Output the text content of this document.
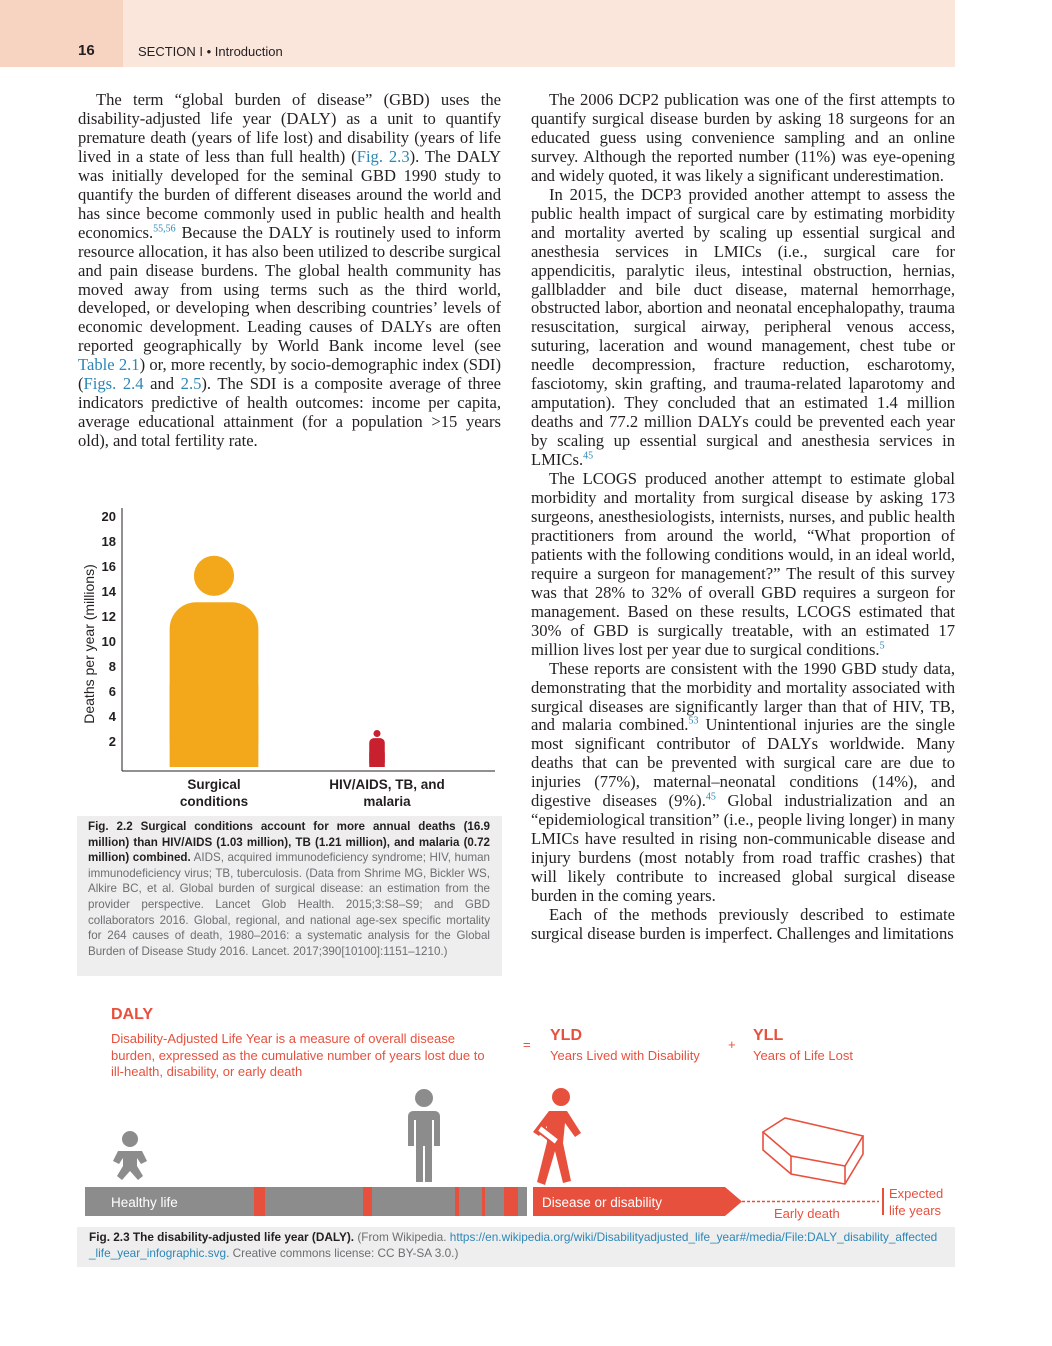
16	SECTION I • Introduction

The term “global burden of disease” (GBD) uses the disability-adjusted life year (DALY) as a unit to quantify premature death (years of life lost) and disability (years of life lived in a state of less than full health) (Fig. 2.3). The DALY was initially developed for the seminal GBD 1990 study to quantify the burden of different diseases around the world and has since become commonly used in public health and health economics.$^{55,56}$ Because the DALY is routinely used to inform resource allocation, it has also been utilized to describe surgical and pain disease burdens. The global health community has moved away from using terms such as the third world, developed, or developing when describing countries’ levels of economic development. Leading causes of DALYs are often reported geographically by World Bank income level (see Table 2.1) or, more recently, by socio-demographic index (SDI) (Figs. 2.4 and 2.5). The SDI is a composite average of three indicators predictive of health outcomes: income per capita, average educational attainment (for a population >15 years old), and total fertility rate.

The 2006 DCP2 publication was one of the first attempts to quantify surgical disease burden by asking 18 surgeons for an educated guess using convenience sampling and an online survey. Although the reported number (11%) was eye-opening and widely quoted, it was likely a significant underestimation.

In 2015, the DCP3 provided another attempt to assess the public health impact of surgical care by estimating morbidity and mortality averted by scaling up essential surgical and anesthesia services in LMICs (i.e., surgical care for appendicitis, paralytic ileus, intestinal obstruction, hernias, gallbladder and bile duct disease, maternal hemorrhage, obstructed labor, abortion and neonatal encephalopathy, trauma resuscitation, surgical airway, peripheral venous access, suturing, laceration and wound management, chest tube or needle decompression, fracture reduction, escharotomy, fasciotomy, skin grafting, and trauma-related laparotomy and amputation). They concluded that an estimated 1.4 million deaths and 77.2 million DALYs could be prevented each year by scaling up essential surgical and anesthesia services in LMICs.$^{45}$

The LCOGS produced another attempt to estimate global morbidity and mortality from surgical disease by asking 173 surgeons, anesthesiologists, internists, nurses, and public health practitioners from around the world, “What proportion of patients with the following conditions would, in an ideal world, require a surgeon for management?” The result of this survey was that 28% to 32% of overall GBD requires a surgeon for management. Based on these results, LCOGS estimated that 30% of GBD is surgically treatable, with an estimated 17 million lives lost per year due to surgical conditions.$^5$

These reports are consistent with the 1990 GBD study data, demonstrating that the morbidity and mortality associated with surgical diseases are significantly larger than that of HIV, TB, and malaria combined.$^{53}$ Unintentional injuries are the single most significant contributor of DALYs worldwide. Many deaths that can be prevented with surgical care are due to injuries (77%), maternal–neonatal conditions (14%), and digestive diseases (9%).$^{45}$ Global industrialization and an “epidemiological transition” (i.e., people living longer) in many LMICs have resulted in rising non-communicable disease and injury burdens (most notably from road traffic crashes) that will likely contribute to increased global surgical disease burden in the coming years.

Each of the methods previously described to estimate surgical disease burden is imperfect. Challenges and limitations

Deaths per year (millions)
2
4
6
8
10
12
14
16
18
20
Surgical
conditions
HIV/AIDS, TB, and
malaria
Fig. 2.2 Surgical conditions account for more annual deaths (16.9 million) than HIV/AIDS (1.03 million), TB (1.21 million), and malaria (0.72 million) combined. AIDS, acquired immunodeficiency syndrome; HIV, human immunodeficiency virus; TB, tuberculosis. (Data from Shrime MG, Bickler WS, Alkire BC, et al. Global burden of surgical disease: an estimation from the provider perspective. Lancet Glob Health. 2015;3:S8–S9; and GBD collaborators 2016. Global, regional, and national age-sex specific mortality for 264 causes of death, 1980–2016: a systematic analysis for the Global Burden of Disease Study 2016. Lancet. 2017;390[10100]:1151–1210.)
DALY
Disability-Adjusted Life Year is a measure of overall disease
burden, expressed as the cumulative number of years lost due to
ill-health, disability, or early death
=
YLD
Years Lived with Disability
+
YLL
Years of Life Lost
Healthy life	Disease or disability
Early death
Expected
life years
Fig. 2.3 The disability-adjusted life year (DALY). (From Wikipedia. https://en.wikipedia.org/wiki/Disabilityadjusted_life_year#/media/File:DALY_disability_affected_life_year_infographic.svg. Creative commons license: CC BY-SA 3.0.)
